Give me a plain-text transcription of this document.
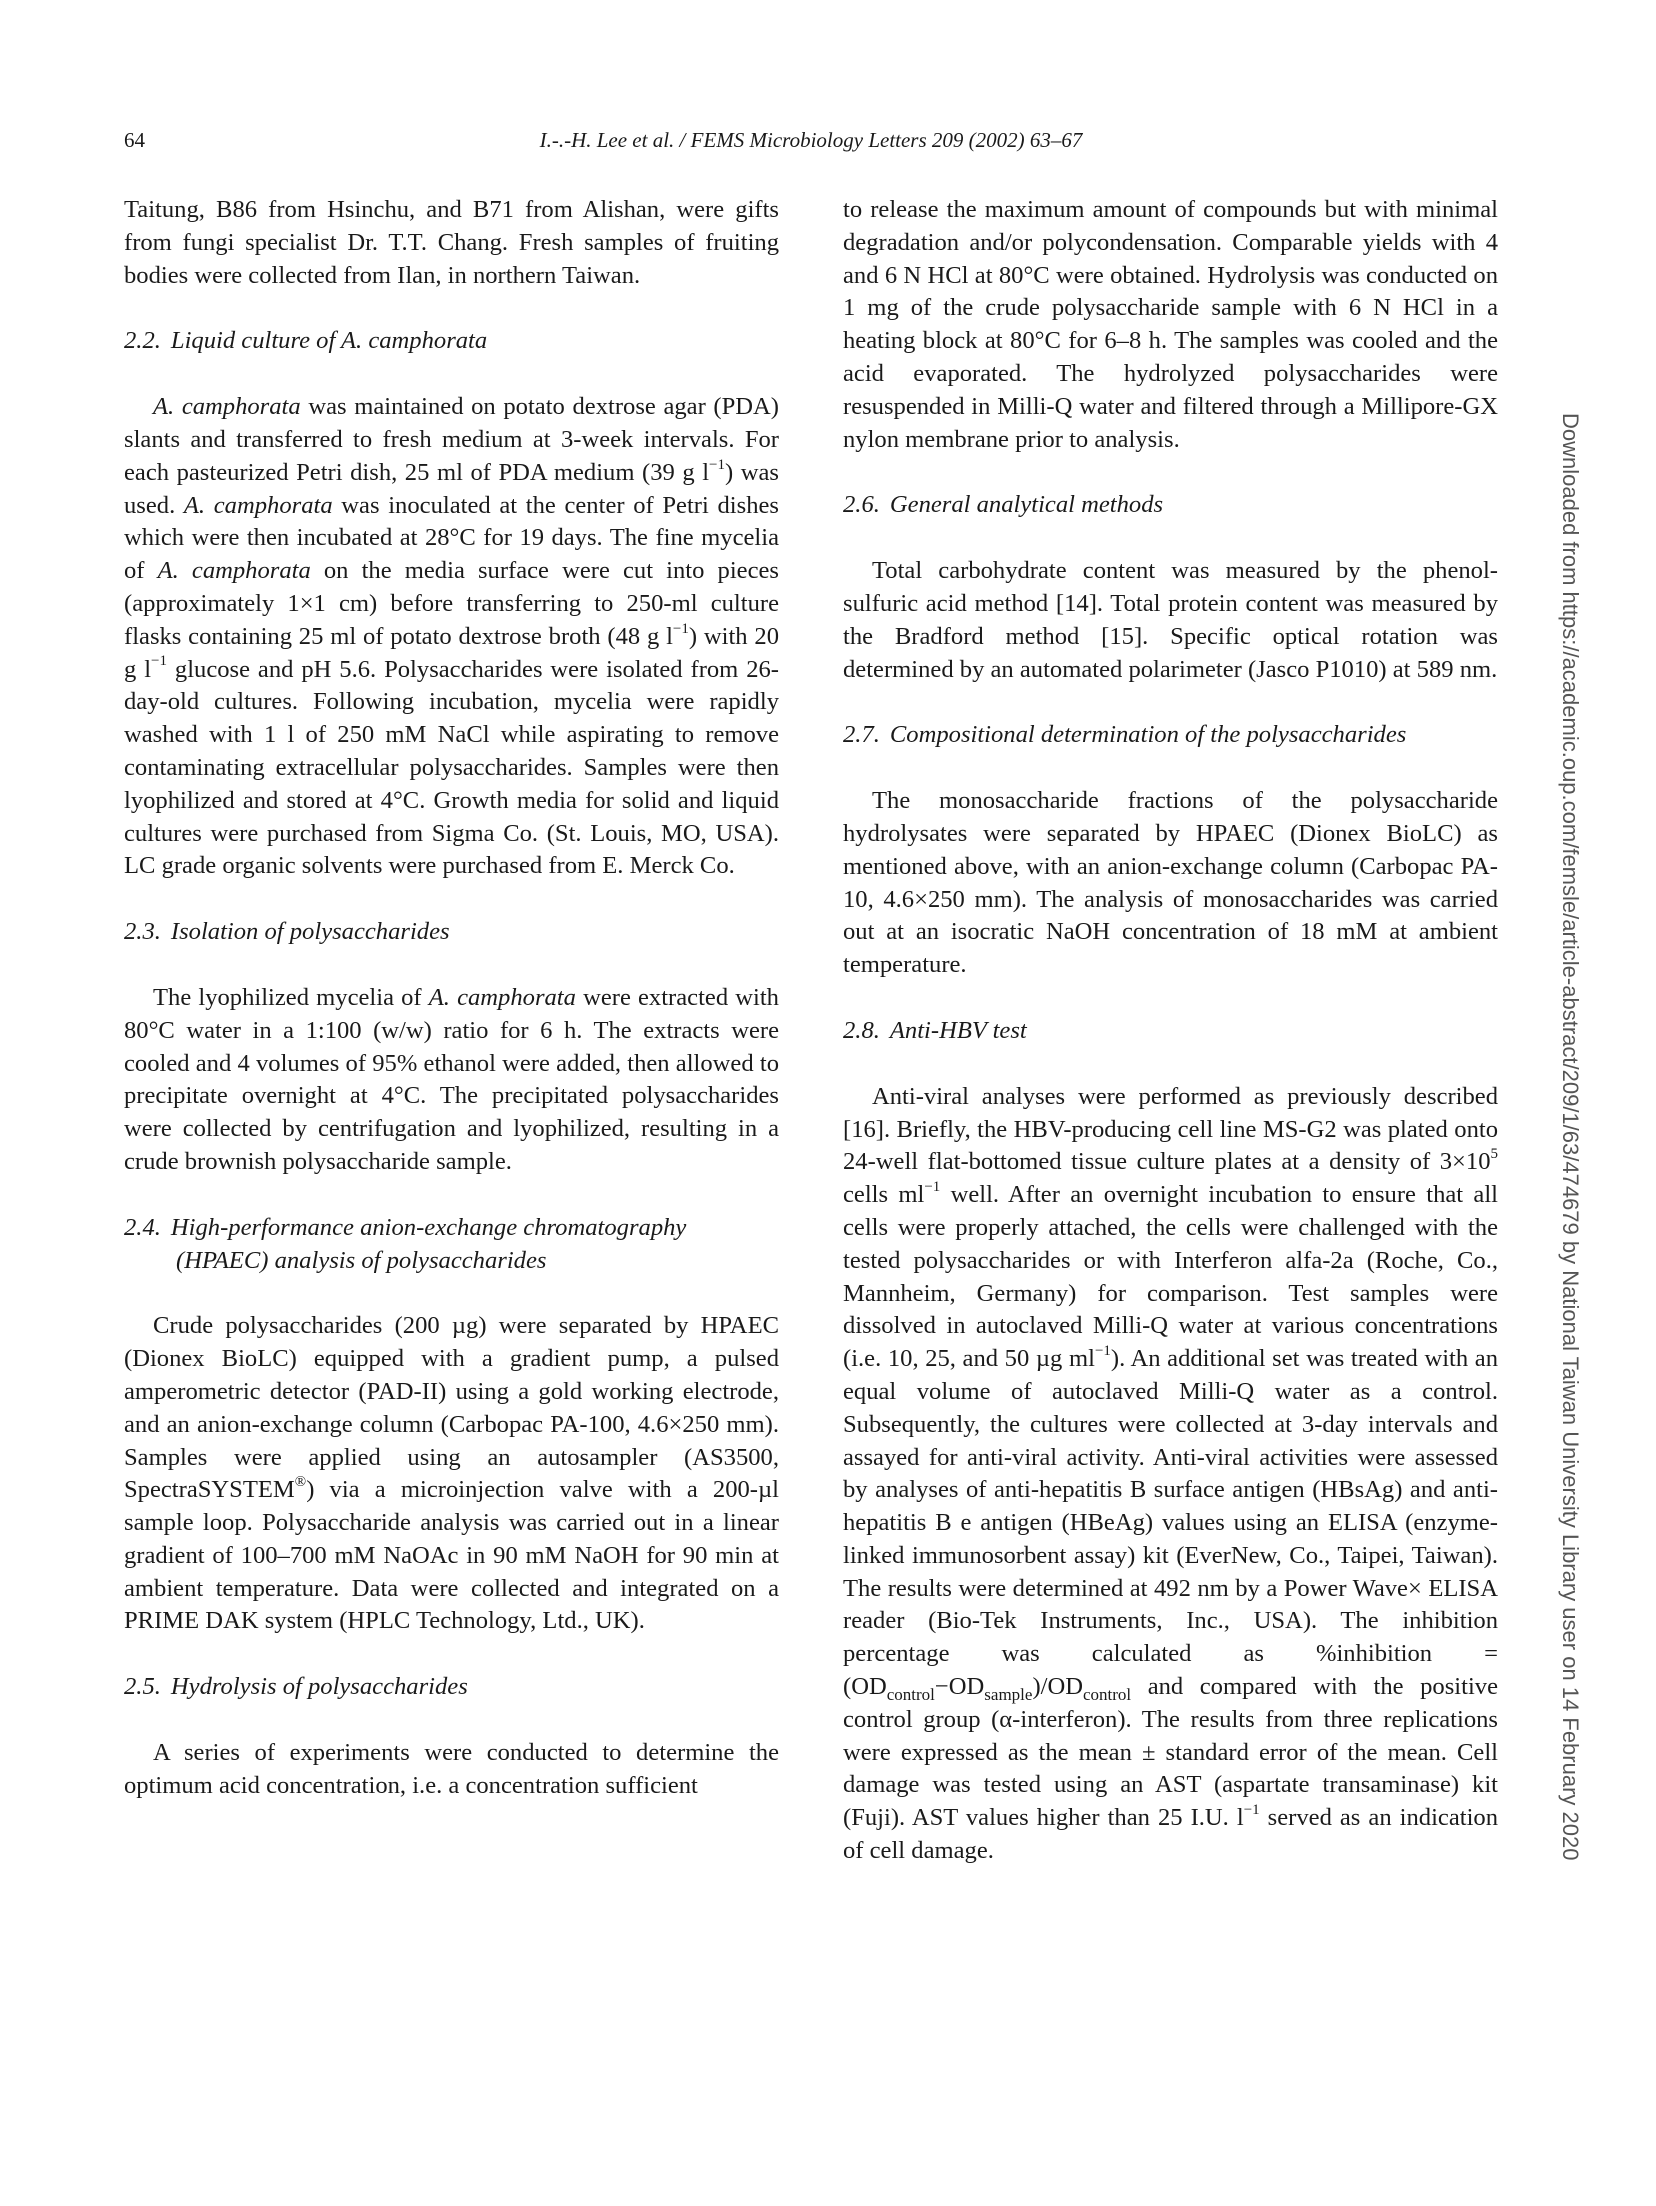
64	I.-.-H. Lee et al. / FEMS Microbiology Letters 209 (2002) 63–67

Taitung, B86 from Hsinchu, and B71 from Alishan, were gifts from fungi specialist Dr. T.T. Chang. Fresh samples of fruiting bodies were collected from Ilan, in northern Taiwan.

2.2. Liquid culture of A. camphorata

A. camphorata was maintained on potato dextrose agar (PDA) slants and transferred to fresh medium at 3-week intervals. For each pasteurized Petri dish, 25 ml of PDA medium (39 g $l^{-1}$) was used. A. camphorata was inoculated at the center of Petri dishes which were then incubated at 28°C for 19 days. The fine mycelia of A. camphorata on the media surface were cut into pieces (approximately 1×1 cm) before transferring to 250-ml culture flasks containing 25 ml of potato dextrose broth (48 g $l^{-1}$) with 20 g $l^{-1}$ glucose and pH 5.6. Polysaccharides were isolated from 26-day-old cultures. Following incubation, mycelia were rapidly washed with 1 l of 250 mM NaCl while aspirating to remove contaminating extracellular polysaccharides. Samples were then lyophilized and stored at 4°C. Growth media for solid and liquid cultures were purchased from Sigma Co. (St. Louis, MO, USA). LC grade organic solvents were purchased from E. Merck Co.

2.3. Isolation of polysaccharides

The lyophilized mycelia of A. camphorata were extracted with 80°C water in a 1:100 (w/w) ratio for 6 h. The extracts were cooled and 4 volumes of 95% ethanol were added, then allowed to precipitate overnight at 4°C. The precipitated polysaccharides were collected by centrifugation and lyophilized, resulting in a crude brownish polysaccharide sample.

2.4. High-performance anion-exchange chromatography
(HPAEC) analysis of polysaccharides

Crude polysaccharides (200 µg) were separated by HPAEC (Dionex BioLC) equipped with a gradient pump, a pulsed amperometric detector (PAD-II) using a gold working electrode, and an anion-exchange column (Carbopac PA-100, 4.6×250 mm). Samples were applied using an autosampler (AS3500, SpectraSYSTEM®) via a microinjection valve with a 200-µl sample loop. Polysaccharide analysis was carried out in a linear gradient of 100–700 mM NaOAc in 90 mM NaOH for 90 min at ambient temperature. Data were collected and integrated on a PRIME DAK system (HPLC Technology, Ltd., UK).

2.5. Hydrolysis of polysaccharides

A series of experiments were conducted to determine the optimum acid concentration, i.e. a concentration sufficient

to release the maximum amount of compounds but with minimal degradation and/or polycondensation. Comparable yields with 4 and 6 N HCl at 80°C were obtained. Hydrolysis was conducted on 1 mg of the crude polysaccharide sample with 6 N HCl in a heating block at 80°C for 6–8 h. The samples was cooled and the acid evaporated. The hydrolyzed polysaccharides were resuspended in Milli-Q water and filtered through a Millipore-GX nylon membrane prior to analysis.

2.6. General analytical methods

Total carbohydrate content was measured by the phenol-sulfuric acid method [14]. Total protein content was measured by the Bradford method [15]. Specific optical rotation was determined by an automated polarimeter (Jasco P1010) at 589 nm.

2.7. Compositional determination of the polysaccharides

The monosaccharide fractions of the polysaccharide hydrolysates were separated by HPAEC (Dionex BioLC) as mentioned above, with an anion-exchange column (Carbopac PA-10, 4.6×250 mm). The analysis of monosaccharides was carried out at an isocratic NaOH concentration of 18 mM at ambient temperature.

2.8. Anti-HBV test

Anti-viral analyses were performed as previously described [16]. Briefly, the HBV-producing cell line MS-G2 was plated onto 24-well flat-bottomed tissue culture plates at a density of $3\times 10^5$ cells $ml^{-1}$ well. After an overnight incubation to ensure that all cells were properly attached, the cells were challenged with the tested polysaccharides or with Interferon alfa-2a (Roche, Co., Mannheim, Germany) for comparison. Test samples were dissolved in autoclaved Milli-Q water at various concentrations (i.e. 10, 25, and 50 µg $ml^{-1}$). An additional set was treated with an equal volume of autoclaved Milli-Q water as a control. Subsequently, the cultures were collected at 3-day intervals and assayed for anti-viral activity. Anti-viral activities were assessed by analyses of anti-hepatitis B surface antigen (HBsAg) and anti-hepatitis B e antigen (HBeAg) values using an ELISA (enzyme-linked immunosorbent assay) kit (EverNew, Co., Taipei, Taiwan). The results were determined at 492 nm by a Power Wave× ELISA reader (Bio-Tek Instruments, Inc., USA). The inhibition percentage was calculated as %inhibition = $(OD_{control}-OD_{sample})/OD_{control}$ and compared with the positive control group (α-interferon). The results from three replications were expressed as the mean ± standard error of the mean. Cell damage was tested using an AST (aspartate transaminase) kit (Fuji). AST values higher than 25 I.U. $l^{-1}$ served as an indication of cell damage.	Downloaded from https://academic.oup.com/femsle/article-abstract/209/1/63/474679 by National Taiwan University Library user on 14 February 2020
